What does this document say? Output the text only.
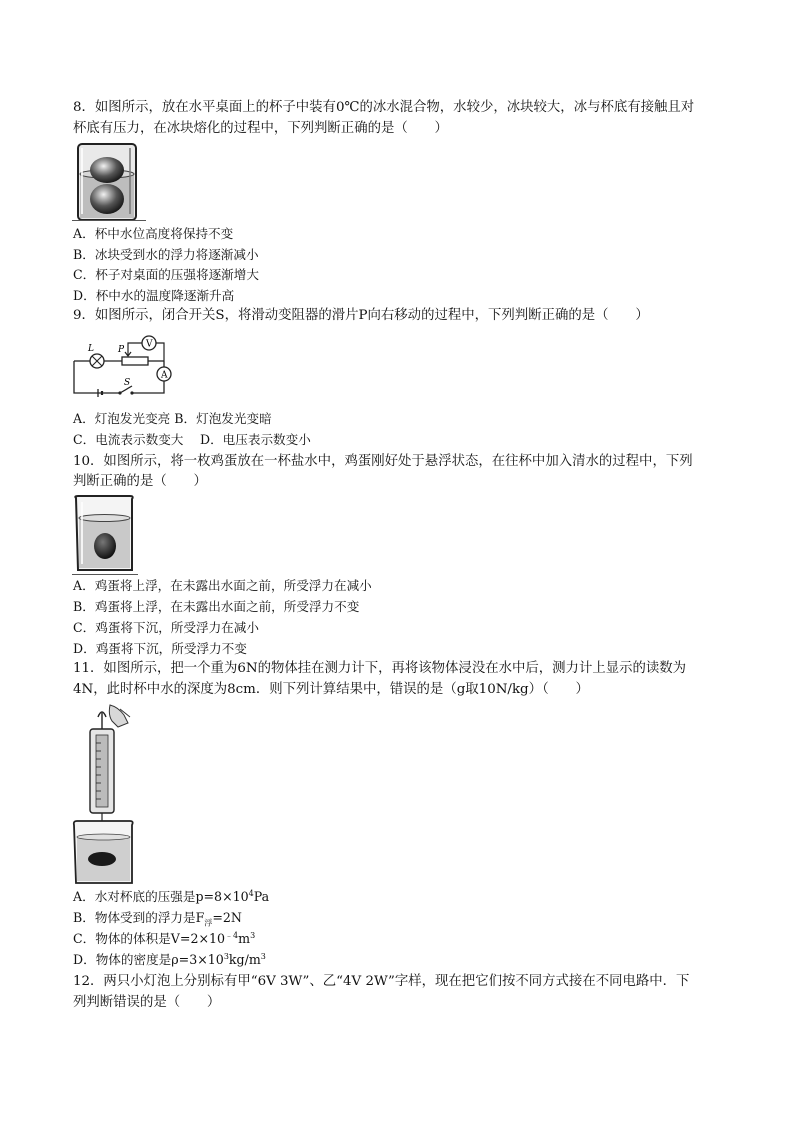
8．如图所示，放在水平桌面上的杯子中装有0℃的冰水混合物，水较少，冰块较大，冰与杯底有接触且对
杯底有压力，在冰块熔化的过程中，下列判断正确的是（　　）
A．杯中水位高度将保持不变
B．冰块受到水的浮力将逐渐减小
C．杯子对桌面的压强将逐渐增大
D．杯中水的温度降逐渐升高
9．如图所示，闭合开关S，将滑动变阻器的滑片P向右移动的过程中，下列判断正确的是（　　）
L	P
V
A
S
A．灯泡发光变亮 B．灯泡发光变暗
C．电流表示数变大　 D．电压表示数变小
10．如图所示，将一枚鸡蛋放在一杯盐水中，鸡蛋刚好处于悬浮状态，在往杯中加入清水的过程中，下列
判断正确的是（　　）
A．鸡蛋将上浮，在未露出水面之前，所受浮力在减小
B．鸡蛋将上浮，在未露出水面之前，所受浮力不变
C．鸡蛋将下沉，所受浮力在减小
D．鸡蛋将下沉，所受浮力不变
11．如图所示，把一个重为6N的物体挂在测力计下，再将该物体浸没在水中后，测力计上显示的读数为
4N，此时杯中水的深度为8cm．则下列计算结果中，错误的是（g取10N/kg）（　　）
A．水对杯底的压强是$p=8\times 10^4Pa$
B．物体受到的浮力是$F_浮=2N$
C．物体的体积是$V=2\times 10^{﹣4}m^3$
D．物体的密度是$\rho=3\times 10^3kg/m^3$
12．两只小灯泡上分别标有甲“6V 3W”、乙“4V 2W”字样，现在把它们按不同方式接在不同电路中．下
列判断错误的是（　　）
